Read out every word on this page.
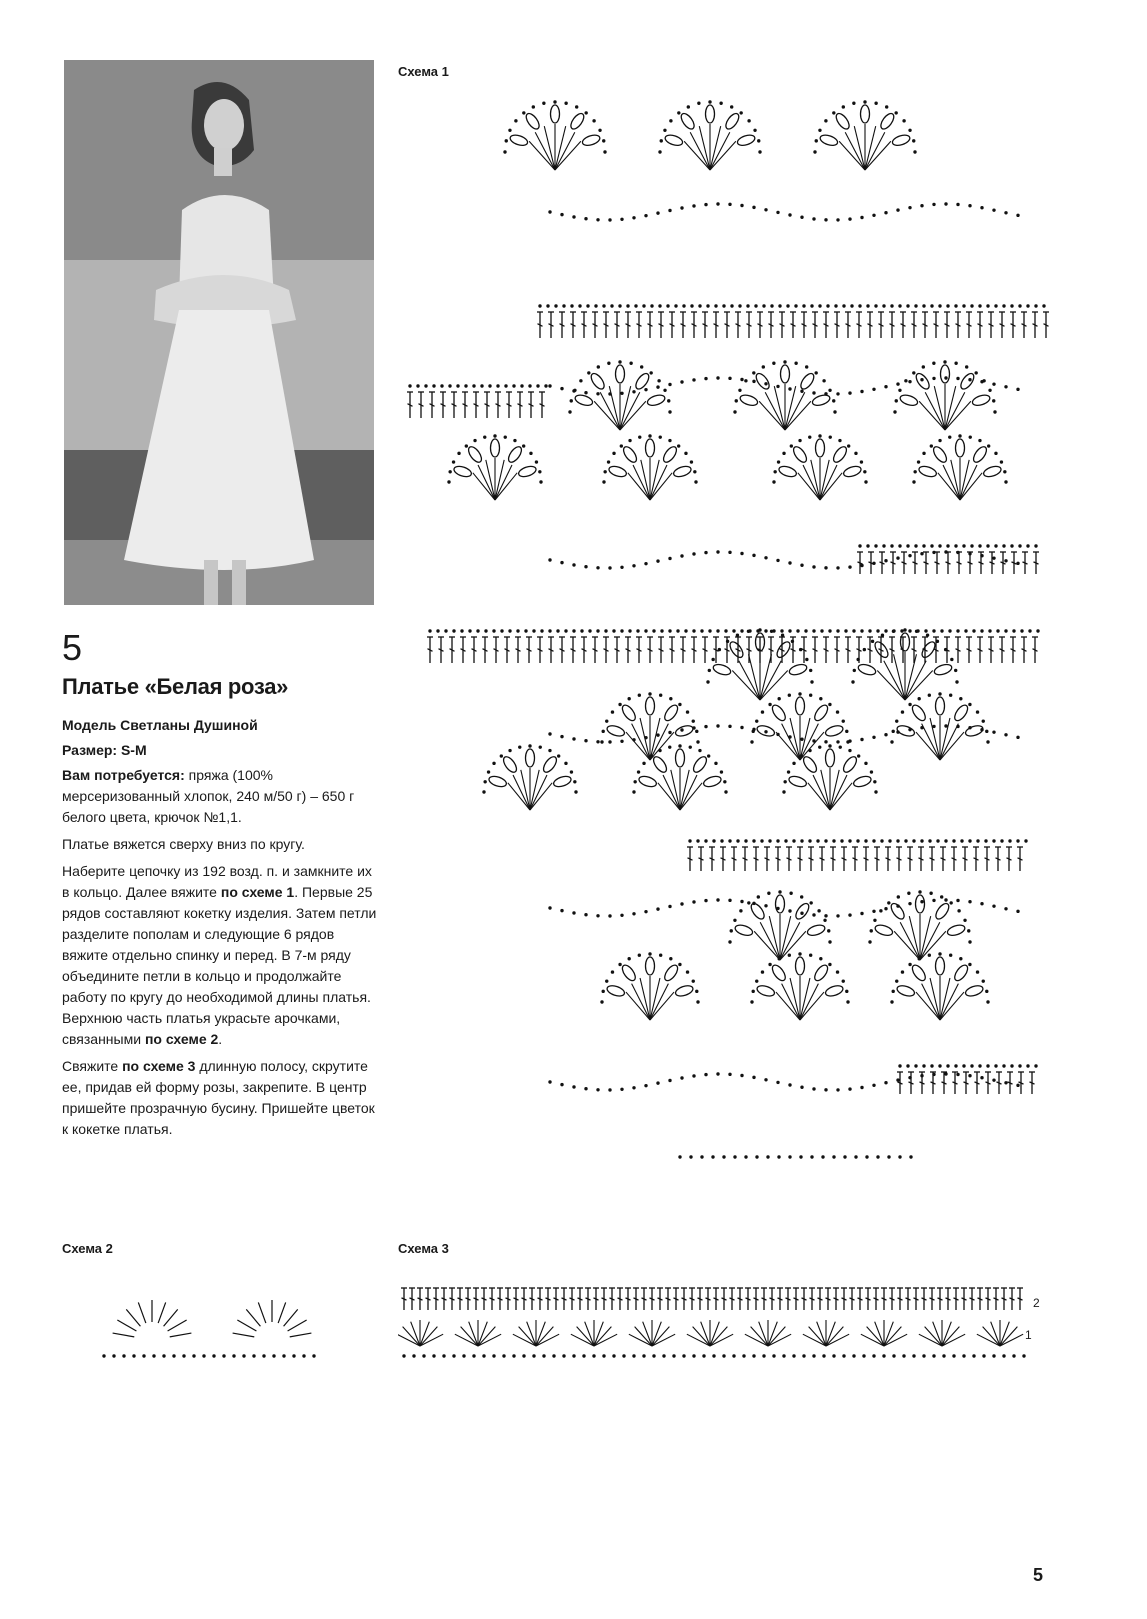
5
Платье «Белая роза»

Модель Светланы Душиной

Размер: S-M

Вам потребуется: пряжа (100% мерсеризованный хлопок, 240 м/50 г) – 650 г белого цвета, крючок №1,1.

Платье вяжется сверху вниз по кругу.

Наберите цепочку из 192 возд. п. и замкните их в кольцо. Далее вяжите по схеме 1. Первые 25 рядов составляют кокетку изделия. Затем петли разделите пополам и следующие 6 рядов вяжите отдельно спинку и перед. В 7-м ряду объедините петли в кольцо и продолжайте работу по кругу до необходимой длины платья. Верхнюю часть платья украсьте арочками, связанными по схеме 2.

Свяжите по схеме 3 длинную полосу, скрутите ее, придав ей форму розы, закрепите. В центр пришейте прозрачную бусину. Пришейте цветок к кокетке платья.

Схема 1

Схема 2	Схема 3

2
1
5
